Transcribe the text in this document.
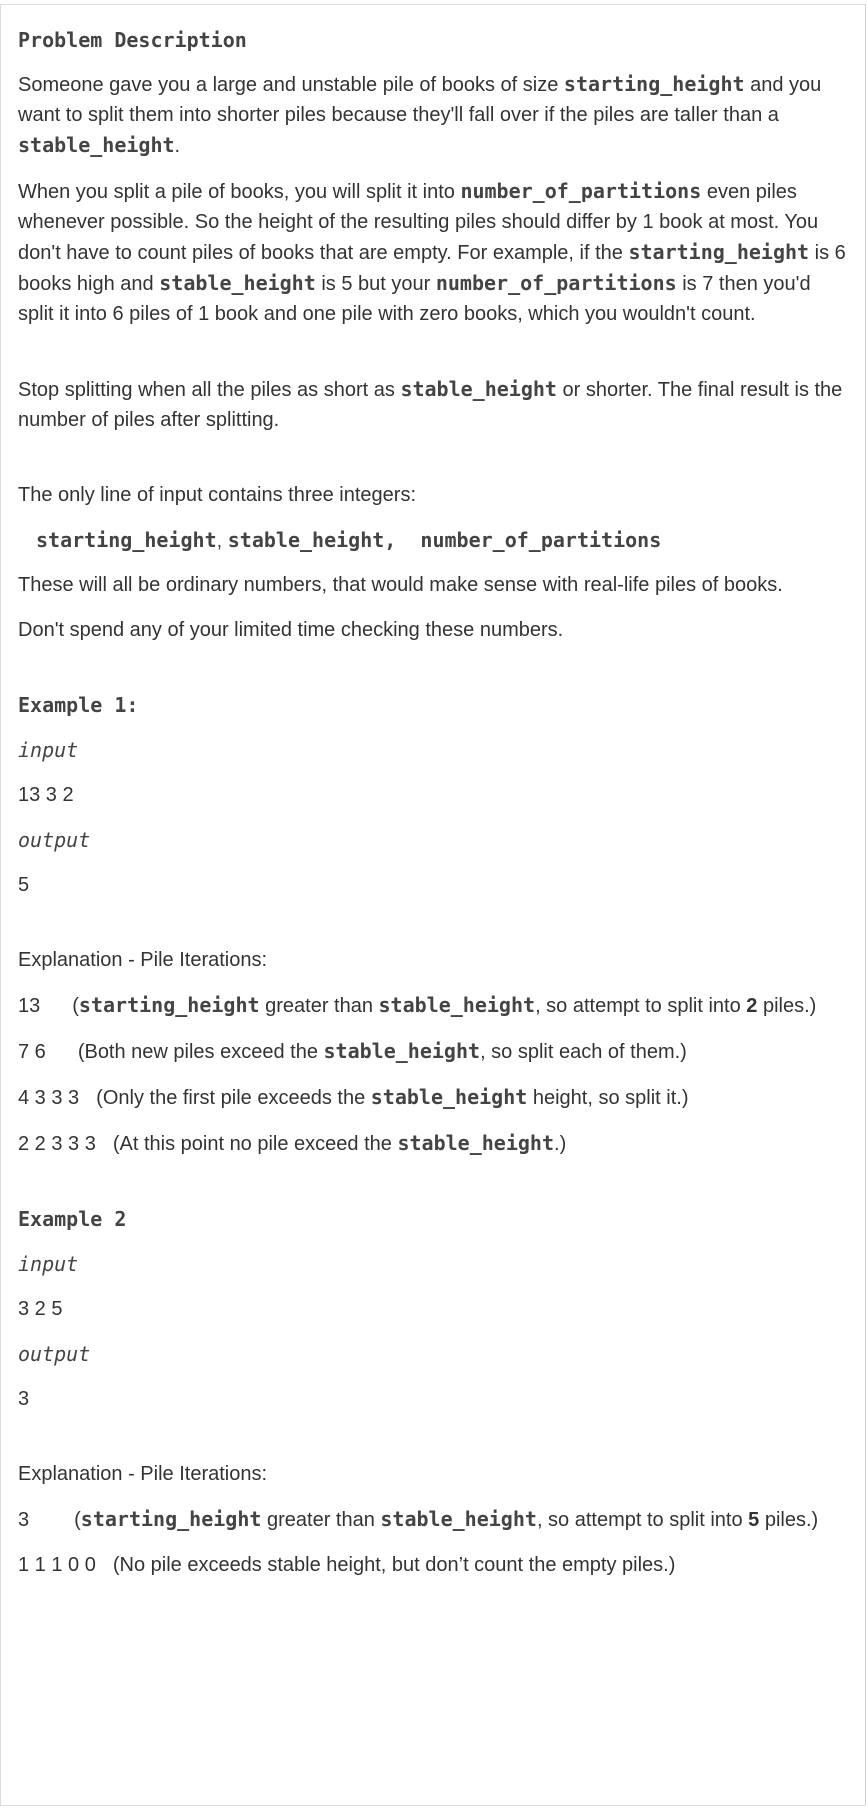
Problem Description

Someone gave you a large and unstable pile of books of size starting_height and you want to split them into shorter piles because they'll fall over if the piles are taller than a stable_height.

When you split a pile of books, you will split it into number_of_partitions even piles whenever possible. So the height of the resulting piles should differ by 1 book at most. You don't have to count piles of books that are empty. For example, if the starting_height is 6 books high and stable_height is 5 but your number_of_partitions is 7 then you'd split it into 6 piles of 1 book and one pile with zero books, which you wouldn't count.

Stop splitting when all the piles as short as stable_height or shorter. The final result is the number of piles after splitting.

The only line of input contains three integers:

starting_height, stable_height,  number_of_partitions

These will all be ordinary numbers, that would make sense with real-life piles of books.

Don't spend any of your limited time checking these numbers.

Example 1:
input

13 3 2

output

5

Explanation - Pile Iterations:

13 (starting_height greater than stable_height, so attempt to split into 2 piles.)

7 6 (Both new piles exceed the stable_height, so split each of them.)

4 3 3 3 (Only the first pile exceeds the stable_height height, so split it.)

2 2 3 3 3 (At this point no pile exceed the stable_height.)

Example 2
input

3 2 5

output

3

Explanation - Pile Iterations:

3 (starting_height greater than stable_height, so attempt to split into 5 piles.)

1 1 1 0 0 (No pile exceeds stable height, but don’t count the empty piles.)
